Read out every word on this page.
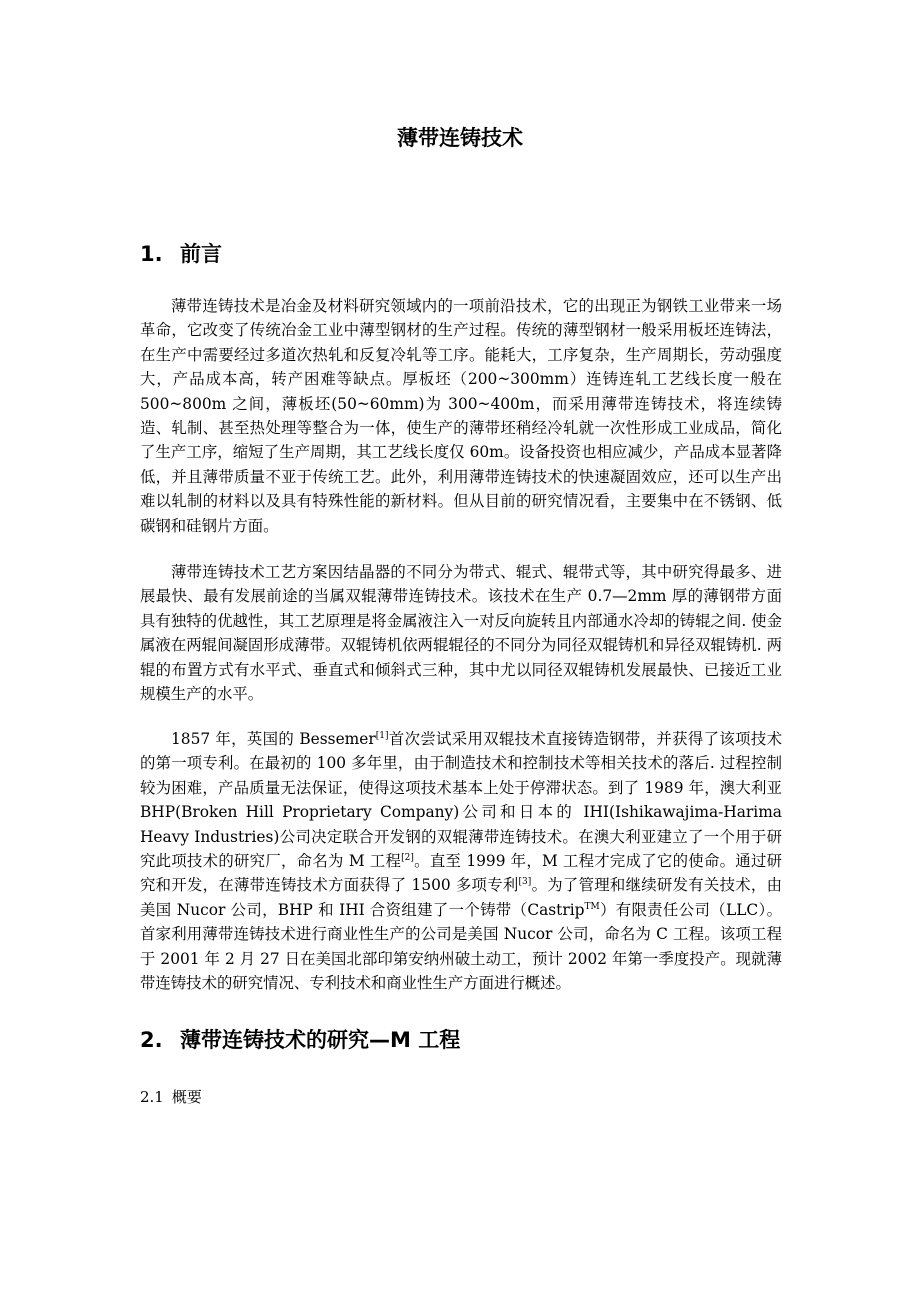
薄带连铸技术
1. 前言

薄带连铸技术是冶金及材料研究领域内的一项前沿技术，它的出现正为钢铁工业带来一场革命，它改变了传统冶金工业中薄型钢材的生产过程。传统的薄型钢材一般采用板坯连铸法，在生产中需要经过多道次热轧和反复冷轧等工序。能耗大，工序复杂，生产周期长，劳动强度大，产品成本高，转产困难等缺点。厚板坯（200~300mm）连铸连轧工艺线长度一般在 500~800m 之间，薄板坯(50~60mm)为 300~400m，而采用薄带连铸技术，将连续铸造、轧制、甚至热处理等整合为一体，使生产的薄带坯稍经冷轧就一次性形成工业成品，简化了生产工序，缩短了生产周期，其工艺线长度仅 60m。设备投资也相应减少，产品成本显著降低，并且薄带质量不亚于传统工艺。此外，利用薄带连铸技术的快速凝固效应，还可以生产出难以轧制的材料以及具有特殊性能的新材料。但从目前的研究情况看，主要集中在不锈钢、低碳钢和硅钢片方面。

薄带连铸技术工艺方案因结晶器的不同分为带式、辊式、辊带式等，其中研究得最多、进展最快、最有发展前途的当属双辊薄带连铸技术。该技术在生产 0.7—2mm 厚的薄钢带方面具有独特的优越性，其工艺原理是将金属液注入一对反向旋转且内部通水冷却的铸辊之间. 使金属液在两辊间凝固形成薄带。双辊铸机依两辊辊径的不同分为同径双辊铸机和异径双辊铸机. 两辊的布置方式有水平式、垂直式和倾斜式三种，其中尤以同径双辊铸机发展最快、已接近工业规模生产的水平。

1857 年，英国的 Bessemer[1]首次尝试采用双辊技术直接铸造钢带，并获得了该项技术的第一项专利。在最初的 100 多年里，由于制造技术和控制技术等相关技术的落后. 过程控制较为困难，产品质量无法保证，使得这项技术基本上处于停滞状态。到了 1989 年，澳大利亚 BHP(Broken Hill Proprietary Company)公司和日本的 IHI(Ishikawajima-Harima Heavy Industries)公司决定联合开发钢的双辊薄带连铸技术。在澳大利亚建立了一个用于研究此项技术的研究厂，命名为 M 工程[2]。直至 1999 年，M 工程才完成了它的使命。通过研究和开发，在薄带连铸技术方面获得了 1500 多项专利[3]。为了管理和继续研发有关技术，由美国 Nucor 公司，BHP 和 IHI 合资组建了一个铸带（Castrip™）有限责任公司（LLC）。首家利用薄带连铸技术进行商业性生产的公司是美国 Nucor 公司，命名为 C 工程。该项工程于 2001 年 2 月 27 日在美国北部印第安纳州破土动工，预计 2002 年第一季度投产。现就薄带连铸技术的研究情况、专利技术和商业性生产方面进行概述。

2. 薄带连铸技术的研究—M 工程
2.1 概要
